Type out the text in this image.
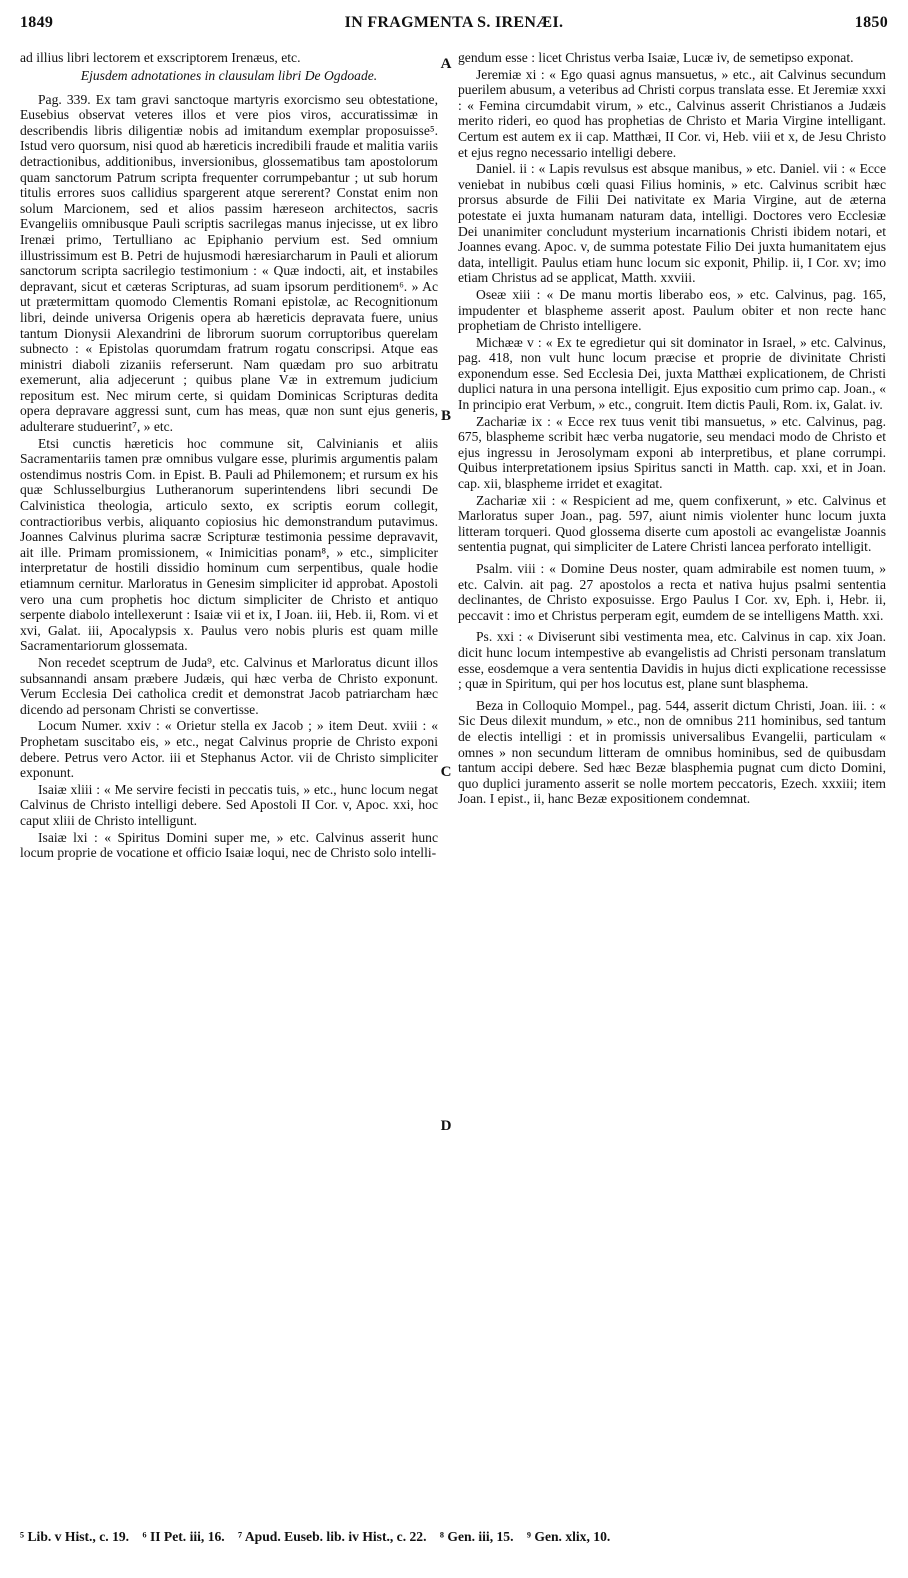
1849	IN FRAGMENTA S. IRENÆI.	1850

ad illius libri lectorem et exscriptorem Irenæus, etc.

Ejusdem adnotationes in clausulam libri De Ogdoade.

Pag. 339. Ex tam gravi sanctoque martyris exorcismo seu obtestatione, Eusebius observat veteres illos et vere pios viros, accuratissimæ in describendis libris diligentiæ nobis ad imitandum exemplar proposuisse⁵. Istud vero quorsum, nisi quod ab hæreticis incredibili fraude et malitia variis detractionibus, additionibus, inversionibus, glossematibus tam apostolorum quam sanctorum Patrum scripta frequenter corrumpebantur ; ut sub horum titulis errores suos callidius spargerent atque sererent? Constat enim non solum Marcionem, sed et alios passim hæreseon architectos, sacris Evangeliis omnibusque Pauli scriptis sacrilegas manus injecisse, ut ex libro Irenæi primo, Tertulliano ac Epiphanio pervium est. Sed omnium illustrissimum est B. Petri de hujusmodi hæresiarcharum in Pauli et aliorum sanctorum scripta sacrilegio testimonium : « Quæ indocti, ait, et instabiles depravant, sicut et cæteras Scripturas, ad suam ipsorum perditionem⁶. » Ac ut prætermittam quomodo Clementis Romani epistolæ, ac Recognitionum libri, deinde universa Origenis opera ab hæreticis depravata fuere, unius tantum Dionysii Alexandrini de librorum suorum corruptoribus querelam subnecto : « Epistolas quorumdam fratrum rogatu conscripsi. Atque eas ministri diaboli zizaniis referserunt. Nam quædam pro suo arbitratu exemerunt, alia adjecerunt ; quibus plane Væ in extremum judicium repositum est. Nec mirum certe, si quidam Dominicas Scripturas dedita opera depravare aggressi sunt, cum has meas, quæ non sunt ejus generis, adulterare studuerint⁷, » etc.

Etsi cunctis hæreticis hoc commune sit, Calvinianis et aliis Sacramentariis tamen præ omnibus vulgare esse, plurimis argumentis palam ostendimus nostris Com. in Epist. B. Pauli ad Philemonem; et rursum ex his quæ Schlusselburgius Lutheranorum superintendens libri secundi De Calvinistica theologia, articulo sexto, ex scriptis eorum collegit, contractioribus verbis, aliquanto copiosius hic demonstrandum putavimus. Joannes Calvinus plurima sacræ Scripturæ testimonia pessime depravavit, ait ille. Primam promissionem, « Inimicitias ponam⁸, » etc., simpliciter interpretatur de hostili dissidio hominum cum serpentibus, quale hodie etiamnum cernitur. Marloratus in Genesim simpliciter id approbat. Apostoli vero una cum prophetis hoc dictum simpliciter de Christo et antiquo serpente diabolo intellexerunt : Isaiæ vii et ix, I Joan. iii, Heb. ii, Rom. vi et xvi, Galat. iii, Apocalypsis x. Paulus vero nobis pluris est quam mille Sacramentariorum glossemata.

Non recedet sceptrum de Juda⁹, etc. Calvinus et Marloratus dicunt illos subsannandi ansam præbere Judæis, qui hæc verba de Christo exponunt. Verum Ecclesia Dei catholica credit et demonstrat Jacob patriarcham hæc dicendo ad personam Christi se convertisse.

Locum Numer. xxiv : « Orietur stella ex Jacob ; » item Deut. xviii : « Prophetam suscitabo eis, » etc., negat Calvinus proprie de Christo exponi debere. Petrus vero Actor. iii et Stephanus Actor. vii de Christo simpliciter exponunt.

Isaiæ xliii : « Me servire fecisti in peccatis tuis, » etc., hunc locum negat Calvinus de Christo intelligi debere. Sed Apostoli II Cor. v, Apoc. xxi, hoc caput xliii de Christo intelligunt.

Isaiæ lxi : « Spiritus Domini super me, » etc. Calvinus asserit hunc locum proprie de vocatione et officio Isaiæ loqui, nec de Christo solo intelli-

A
B
C
D

gendum esse : licet Christus verba Isaiæ, Lucæ iv, de semetipso exponat.

Jeremiæ xi : « Ego quasi agnus mansuetus, » etc., ait Calvinus secundum puerilem abusum, a veteribus ad Christi corpus translata esse. Et Jeremiæ xxxi : « Femina circumdabit virum, » etc., Calvinus asserit Christianos a Judæis merito rideri, eo quod has prophetias de Christo et Maria Virgine intelligant. Certum est autem ex ii cap. Matthæi, II Cor. vi, Heb. viii et x, de Jesu Christo et ejus regno necessario intelligi debere.

Daniel. ii : « Lapis revulsus est absque manibus, » etc. Daniel. vii : « Ecce veniebat in nubibus cœli quasi Filius hominis, » etc. Calvinus scribit hæc prorsus absurde de Filii Dei nativitate ex Maria Virgine, aut de æterna potestate ei juxta humanam naturam data, intelligi. Doctores vero Ecclesiæ Dei unanimiter concludunt mysterium incarnationis Christi ibidem notari, et Joannes evang. Apoc. v, de summa potestate Filio Dei juxta humanitatem ejus data, intelligit. Paulus etiam hunc locum sic exponit, Philip. ii, I Cor. xv; imo etiam Christus ad se applicat, Matth. xxviii.

Oseæ xiii : « De manu mortis liberabo eos, » etc. Calvinus, pag. 165, impudenter et blaspheme asserit apost. Paulum obiter et non recte hanc prophetiam de Christo intelligere.

Michææ v : « Ex te egredietur qui sit dominator in Israel, » etc. Calvinus, pag. 418, non vult hunc locum præcise et proprie de divinitate Christi exponendum esse. Sed Ecclesia Dei, juxta Matthæi explicationem, de Christi duplici natura in una persona intelligit. Ejus expositio cum primo cap. Joan., « In principio erat Verbum, » etc., congruit. Item dictis Pauli, Rom. ix, Galat. iv.

Zachariæ ix : « Ecce rex tuus venit tibi mansuetus, » etc. Calvinus, pag. 675, blaspheme scribit hæc verba nugatorie, seu mendaci modo de Christo et ejus ingressu in Jerosolymam exponi ab interpretibus, et plane corrumpi. Quibus interpretationem ipsius Spiritus sancti in Matth. cap. xxi, et in Joan. cap. xii, blaspheme irridet et exagitat.

Zachariæ xii : « Respicient ad me, quem confixerunt, » etc. Calvinus et Marloratus super Joan., pag. 597, aiunt nimis violenter hunc locum juxta litteram torqueri. Quod glossema diserte cum apostoli ac evangelistæ Joannis sententia pugnat, qui simpliciter de Latere Christi lancea perforato intelligit.

Psalm. viii : « Domine Deus noster, quam admirabile est nomen tuum, » etc. Calvin. ait pag. 27 apostolos a recta et nativa hujus psalmi sententia declinantes, de Christo exposuisse. Ergo Paulus I Cor. xv, Eph. i, Hebr. ii, peccavit : imo et Christus perperam egit, eumdem de se intelligens Matth. xxi.

Ps. xxi : « Diviserunt sibi vestimenta mea, etc. Calvinus in cap. xix Joan. dicit hunc locum intempestive ab evangelistis ad Christi personam translatum esse, eosdemque a vera sententia Davidis in hujus dicti explicatione recessisse ; quæ in Spiritum, qui per hos locutus est, plane sunt blasphema.

Beza in Colloquio Mompel., pag. 544, asserit dictum Christi, Joan. iii. : « Sic Deus dilexit mundum, » etc., non de omnibus 211 hominibus, sed tantum de electis intelligi : et in promissis universalibus Evangelii, particulam « omnes » non secundum litteram de omnibus hominibus, sed de quibusdam tantum accipi debere. Sed hæc Bezæ blasphemia pugnat cum dicto Domini, quo duplici juramento asserit se nolle mortem peccatoris, Ezech. xxxiii; item Joan. I epist., ii, hanc Bezæ expositionem condemnat.

⁵ Lib. v Hist., c. 19. ⁶ II Pet. iii, 16. ⁷ Apud. Euseb. lib. iv Hist., c. 22. ⁸ Gen. iii, 15. ⁹ Gen. xlix, 10.
